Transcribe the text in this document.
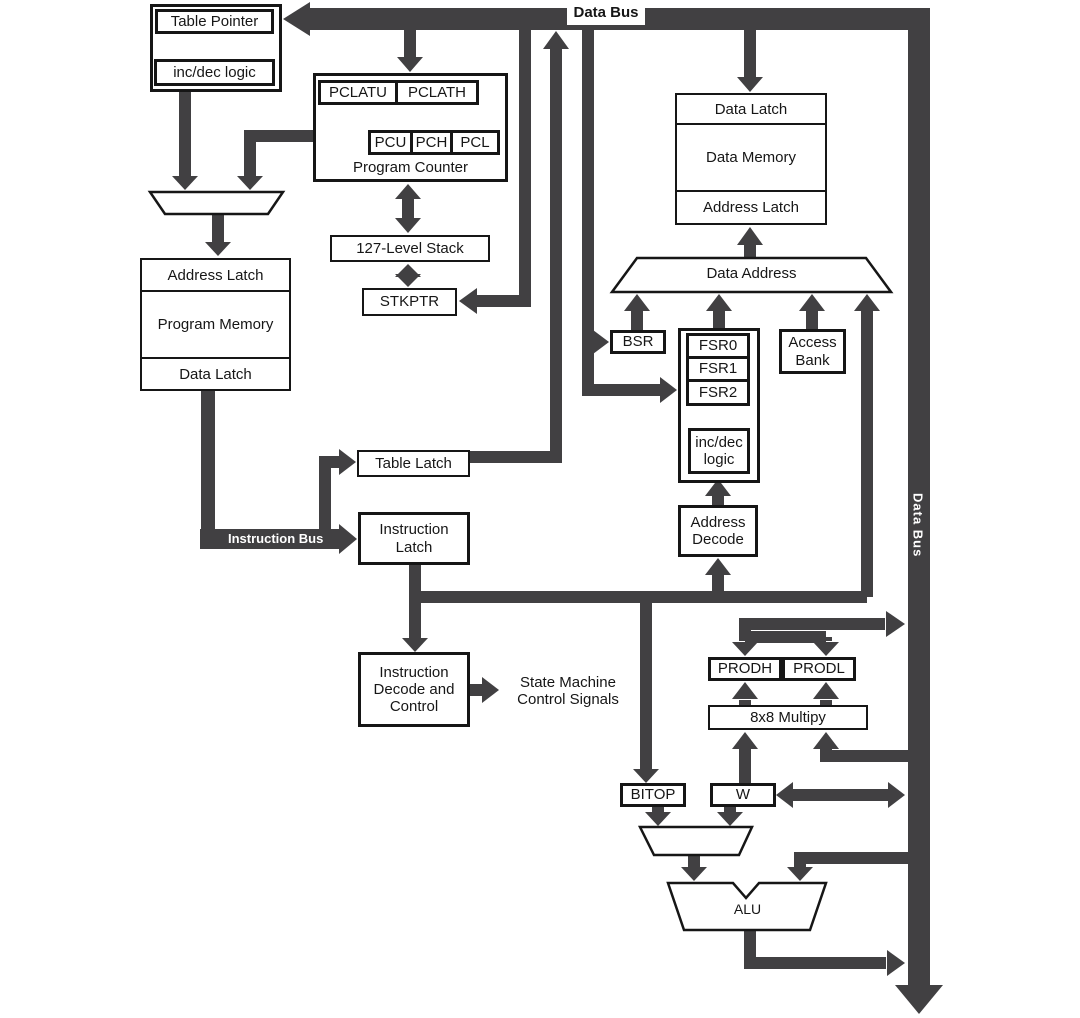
Data Bus
Data Bus
Instruction Bus
Table Pointer
inc/dec logic
PCLATU	PCLATH
PCU PCH PCL
Program Counter
127-Level Stack
STKPTR
Address Latch
Program Memory
Data Latch
Data Latch
Data Memory
Address Latch
Data Address
BSR	FSR0
FSR1
FSR2
inc/dec logic
Access Bank
Address Decode
Table Latch
Instruction Latch
Instruction Decode and Control
State Machine Control Signals
PRODH	PRODL
8x8 Multipy
BITOP	W
ALU
